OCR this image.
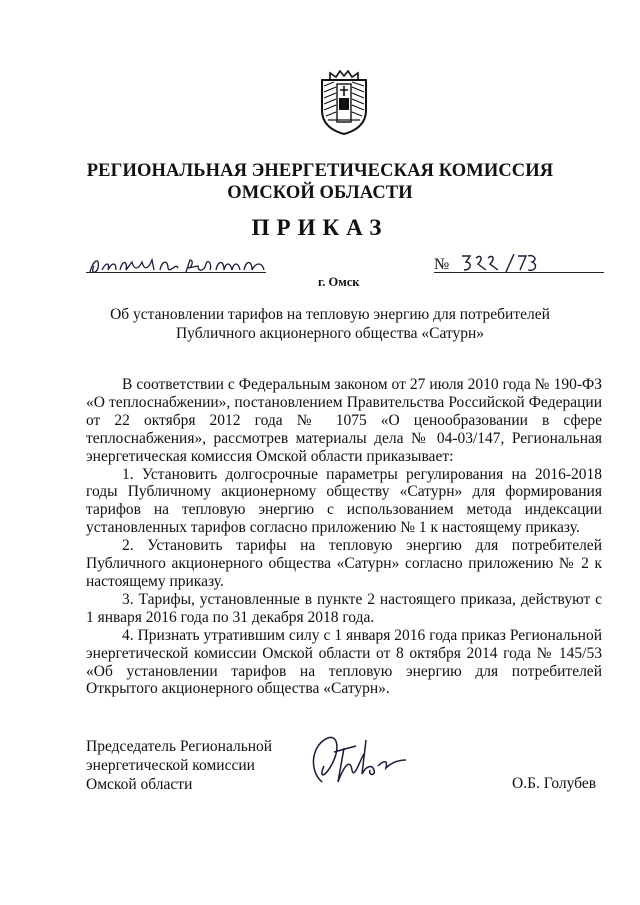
РЕГИОНАЛЬНАЯ ЭНЕРГЕТИЧЕСКАЯ КОМИССИЯ
ОМСКОЙ ОБЛАСТИ
ПРИКАЗ
г. Омск
№
Об установлении тарифов на тепловую энергию для потребителей
Публичного акционерного общества «Сатурн»

В соответствии с Федеральным законом от 27 июля 2010 года № 190-ФЗ «О теплоснабжении», постановлением Правительства Российской Федерации от 22 октября 2012 года № 1075 «О ценообразовании в сфере теплоснабжения», рассмотрев материалы дела № 04-03/147, Региональная энергетическая комиссия Омской области приказывает:

1. Установить долгосрочные параметры регулирования на 2016-2018 годы Публичному акционерному обществу «Сатурн» для формирования тарифов на тепловую энергию с использованием метода индексации установленных тарифов согласно приложению № 1 к настоящему приказу.

2. Установить тарифы на тепловую энергию для потребителей Публичного акционерного общества «Сатурн» согласно приложению № 2 к настоящему приказу.

3. Тарифы, установленные в пункте 2 настоящего приказа, действуют с 1 января 2016 года по 31 декабря 2018 года.

4. Признать утратившим силу с 1 января 2016 года приказ Региональной энергетической комиссии Омской области от 8 октября 2014 года № 145/53 «Об установлении тарифов на тепловую энергию для потребителей Открытого акционерного общества «Сатурн».

Председатель Региональной
энергетической комиссии
Омской области	О.Б. Голубев
